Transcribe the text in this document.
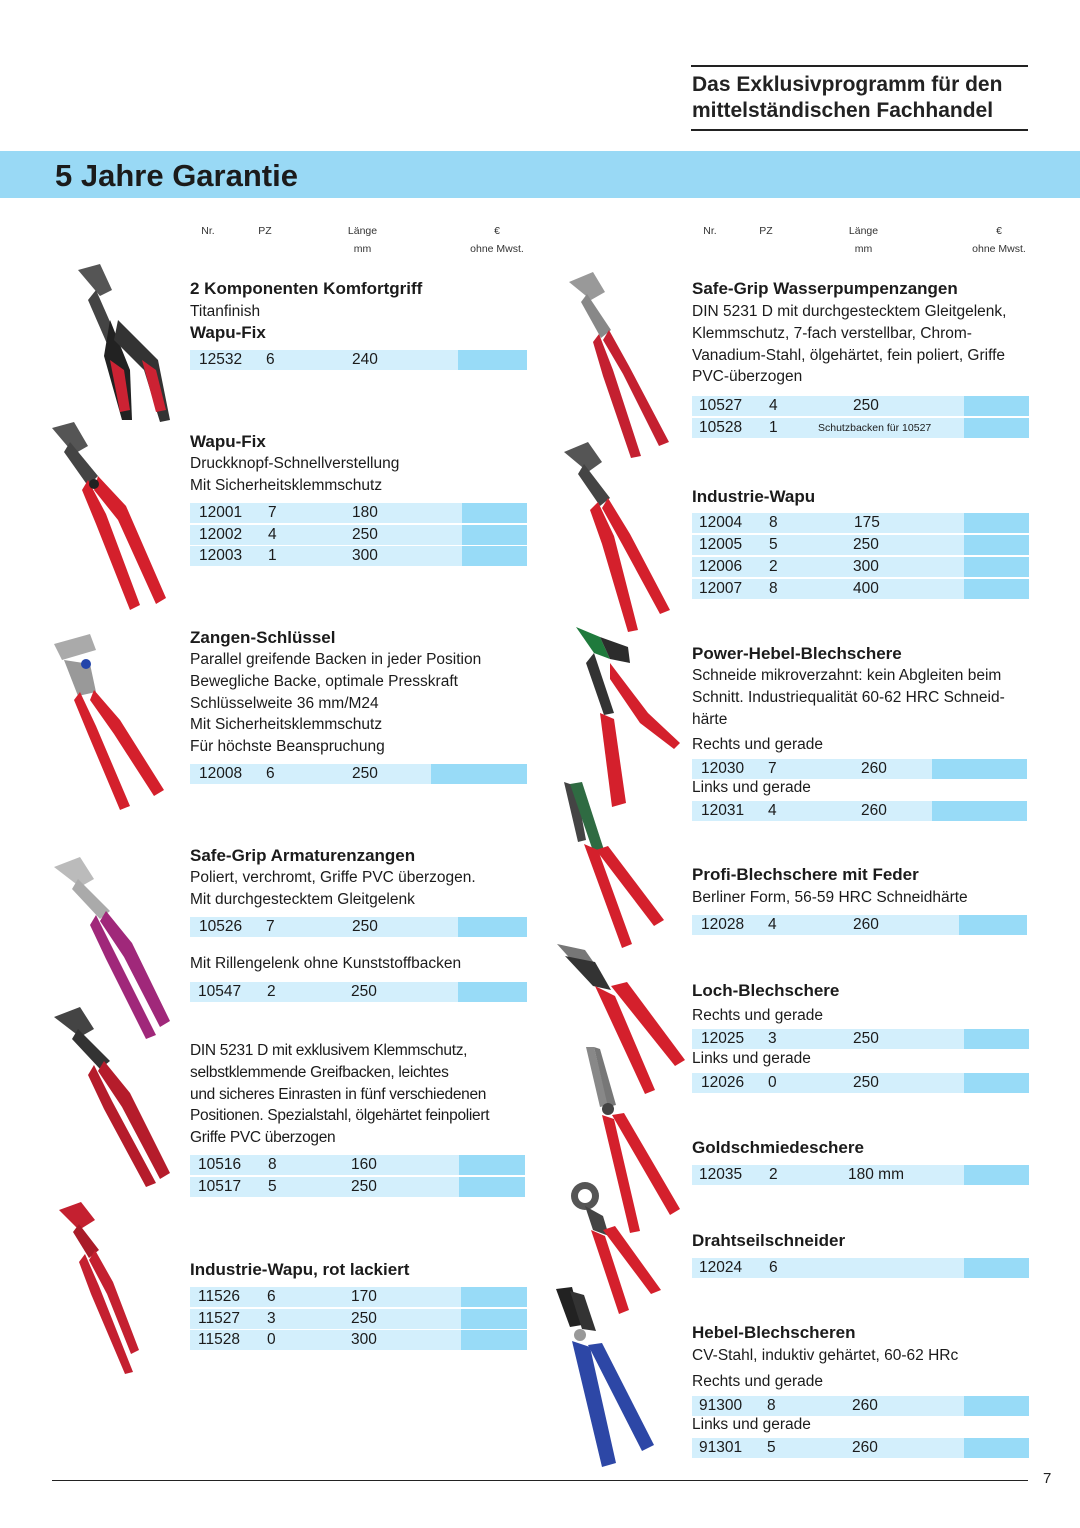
Das Exklusivprogramm für den
mittelständischen Fachhandel
5 Jahre Garantie
Nr.	PZ	Länge
mm
€
ohne Mwst.
Nr.	PZ	Länge
mm
€
ohne Mwst.
2 Komponenten Komfortgriff
Titanfinish
Wapu-Fix
12532 6	240
Wapu-Fix
Druckknopf-Schnellverstellung
Mit Sicherheitsklemmschutz
12001 7	180
12002 4	250
12003 1	300
Zangen-Schlüssel
Parallel greifende Backen in jeder Position
Bewegliche Backe, optimale Presskraft
Schlüsselweite 36 mm/M24
Mit Sicherheitsklemmschutz
Für höchste Beanspruchung
12008 6	250
Safe-Grip Armaturenzangen
Poliert, verchromt, Griffe PVC überzogen.
Mit durchgestecktem Gleitgelenk
10526 7	250
Mit Rillengelenk ohne Kunststoffbacken
10547 2	250
DIN 5231 D mit exklusivem Klemmschutz,
selbstklemmende Greifbacken, leichtes
und sicheres Einrasten in fünf verschiedenen
Positionen. Spezialstahl, ölgehärtet feinpoliert
Griffe PVC überzogen
10516 8	160
10517 5	250
Industrie-Wapu, rot lackiert
11526 6	170
11527 3	250
11528 0	300
Safe-Grip Wasserpumpenzangen
DIN 5231 D mit durchgestecktem Gleitgelenk,
Klemmschutz, 7-fach verstellbar, Chrom-
Vanadium-Stahl, ölgehärtet, fein poliert, Griffe
PVC-überzogen
10527 4	250
10528 1	Schutzbacken für 10527
Industrie-Wapu
12004 8	175
12005 5	250
12006 2	300
12007 8	400
Power-Hebel-Blechschere
Schneide mikroverzahnt: kein Abgleiten beim
Schnitt. Industriequalität 60-62 HRC Schneid-
härte
Rechts und gerade
12030 7	260
Links und gerade
12031 4	260
Profi-Blechschere mit Feder
Berliner Form, 56-59 HRC Schneidhärte
12028 4	260
Loch-Blechschere
Rechts und gerade
12025 3	250
Links und gerade
12026 0	250
Goldschmiedeschere
12035 2	180 mm
Drahtseilschneider
12024 6
Hebel-Blechscheren
CV-Stahl, induktiv gehärtet, 60-62 HRc
Rechts und gerade
91300 8	260
Links und gerade
91301 5	260
7
